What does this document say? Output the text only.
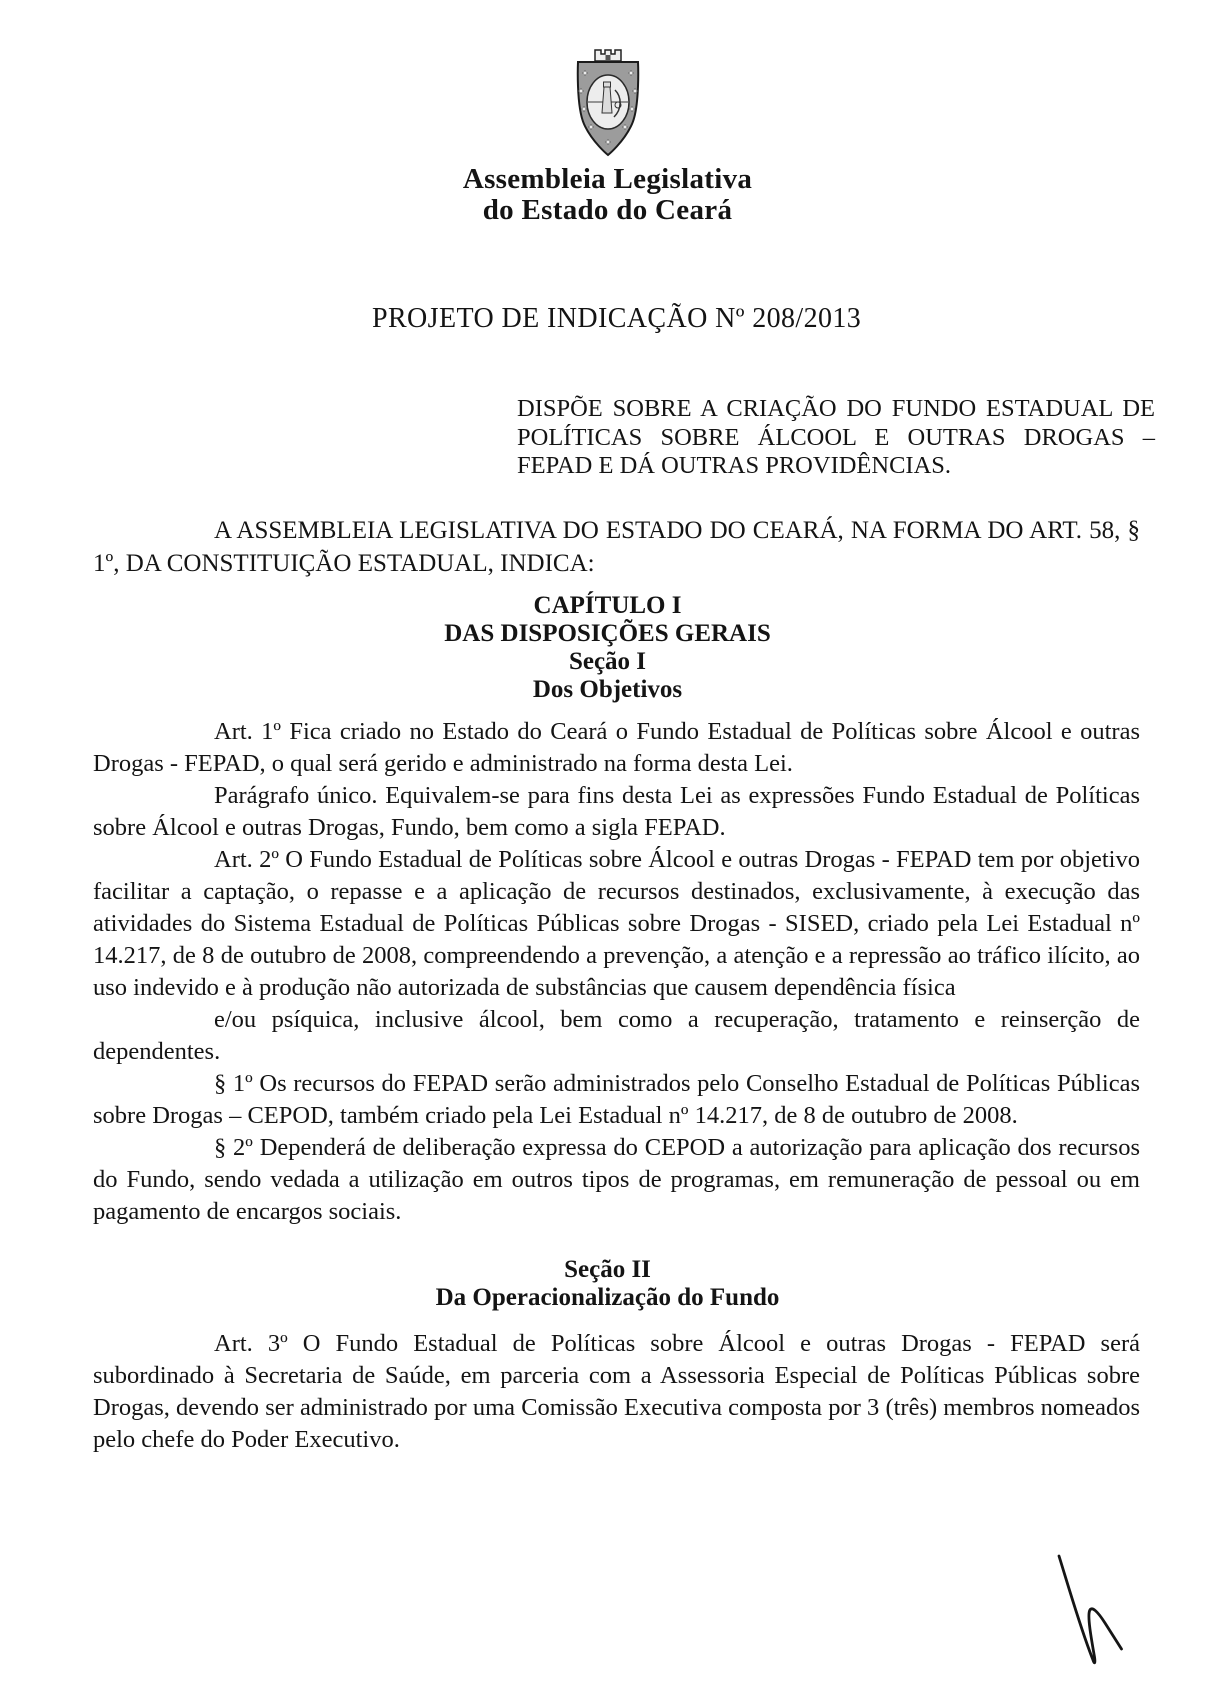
Assembleia Legislativa
do Estado do Ceará
PROJETO DE INDICAÇÃO Nº 208/2013
DISPÕE SOBRE A CRIAÇÃO DO FUNDO ESTADUAL DE POLÍTICAS SOBRE ÁLCOOL E OUTRAS DROGAS – FEPAD E DÁ OUTRAS PROVIDÊNCIAS.

A ASSEMBLEIA LEGISLATIVA DO ESTADO DO CEARÁ, NA FORMA DO ART. 58, § 1º, DA CONSTITUIÇÃO ESTADUAL, INDICA:

CAPÍTULO I
DAS DISPOSIÇÕES GERAIS
Seção I
Dos Objetivos

Art. 1º Fica criado no Estado do Ceará o Fundo Estadual de Políticas sobre Álcool e outras Drogas - FEPAD, o qual será gerido e administrado na forma desta Lei.

Parágrafo único. Equivalem-se para fins desta Lei as expressões Fundo Estadual de Políticas sobre Álcool e outras Drogas, Fundo, bem como a sigla FEPAD.

Art. 2º O Fundo Estadual de Políticas sobre Álcool e outras Drogas - FEPAD tem por objetivo facilitar a captação, o repasse e a aplicação de recursos destinados, exclusivamente, à execução das atividades do Sistema Estadual de Políticas Públicas sobre Drogas - SISED, criado pela Lei Estadual nº 14.217, de 8 de outubro de 2008, compreendendo a prevenção, a atenção e a repressão ao tráfico ilícito, ao uso indevido e à produção não autorizada de substâncias que causem dependência física

e/ou psíquica, inclusive álcool, bem como a recuperação, tratamento e reinserção de dependentes.

§ 1º Os recursos do FEPAD serão administrados pelo Conselho Estadual de Políticas Públicas sobre Drogas – CEPOD, também criado pela Lei Estadual nº 14.217, de 8 de outubro de 2008.

§ 2º Dependerá de deliberação expressa do CEPOD a autorização para aplicação dos recursos do Fundo, sendo vedada a utilização em outros tipos de programas, em remuneração de pessoal ou em pagamento de encargos sociais.

Seção II
Da Operacionalização do Fundo

Art. 3º O Fundo Estadual de Políticas sobre Álcool e outras Drogas - FEPAD será subordinado à Secretaria de Saúde, em parceria com a Assessoria Especial de Políticas Públicas sobre Drogas, devendo ser administrado por uma Comissão Executiva composta por 3 (três) membros nomeados pelo chefe do Poder Executivo.
